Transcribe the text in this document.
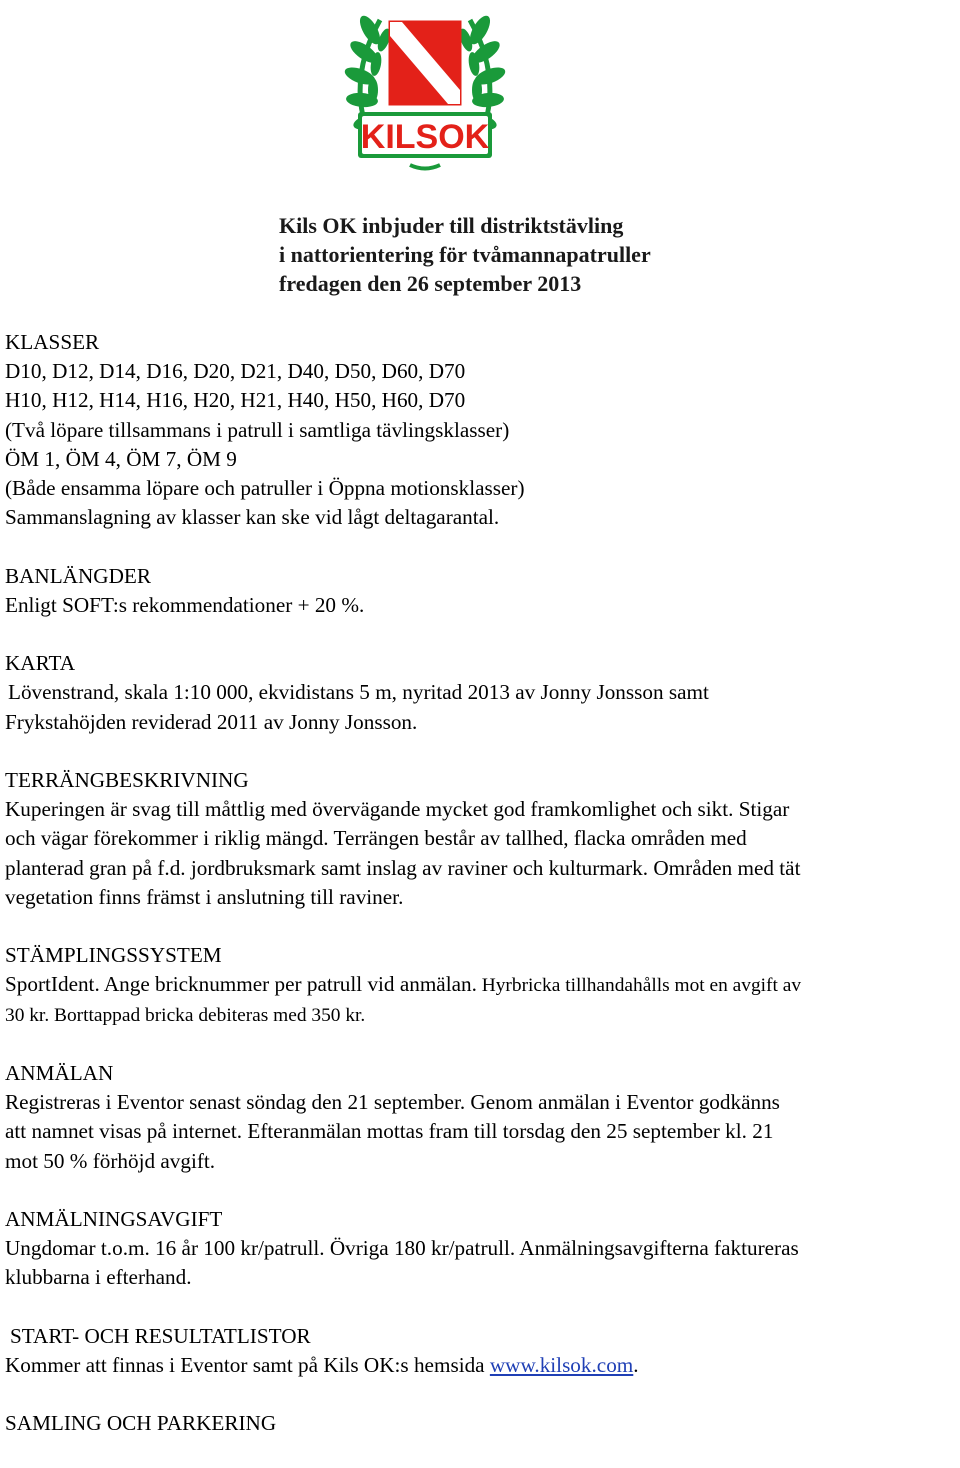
KILSOK
Kils OK inbjuder till distriktstävling
i nattorientering för tvåmannapatruller
fredagen den 26 september 2013
KLASSER
D10, D12, D14, D16, D20, D21, D40, D50, D60, D70
H10, H12, H14, H16, H20, H21, H40, H50, H60, D70
(Två löpare tillsammans i patrull i samtliga tävlingsklasser)
ÖM 1, ÖM 4, ÖM 7, ÖM 9
(Både ensamma löpare och patruller i Öppna motionsklasser)
Sammanslagning av klasser kan ske vid lågt deltagarantal.
BANLÄNGDER
Enligt SOFT:s rekommendationer + 20 %.
KARTA
Lövenstrand, skala 1:10 000, ekvidistans 5 m, nyritad 2013 av Jonny Jonsson samt
Frykstahöjden reviderad 2011 av Jonny Jonsson.
TERRÄNGBESKRIVNING
Kuperingen är svag till måttlig med övervägande mycket god framkomlighet och sikt. Stigar
och vägar förekommer i riklig mängd. Terrängen består av tallhed, flacka områden med
planterad gran på f.d. jordbruksmark samt inslag av raviner och kulturmark. Områden med tät
vegetation finns främst i anslutning till raviner.
STÄMPLINGSSYSTEM
SportIdent. Ange bricknummer per patrull vid anmälan. Hyrbricka tillhandahålls mot en avgift av
30 kr. Borttappad bricka debiteras med 350 kr.
ANMÄLAN
Registreras i Eventor senast söndag den 21 september. Genom anmälan i Eventor godkänns
att namnet visas på internet. Efteranmälan mottas fram till torsdag den 25 september kl. 21
mot 50 % förhöjd avgift.
ANMÄLNINGSAVGIFT
Ungdomar t.o.m. 16 år 100 kr/patrull. Övriga 180 kr/patrull. Anmälningsavgifterna faktureras
klubbarna i efterhand.
START- OCH RESULTATLISTOR
Kommer att finnas i Eventor samt på Kils OK:s hemsida www.kilsok.com.
SAMLING OCH PARKERING
